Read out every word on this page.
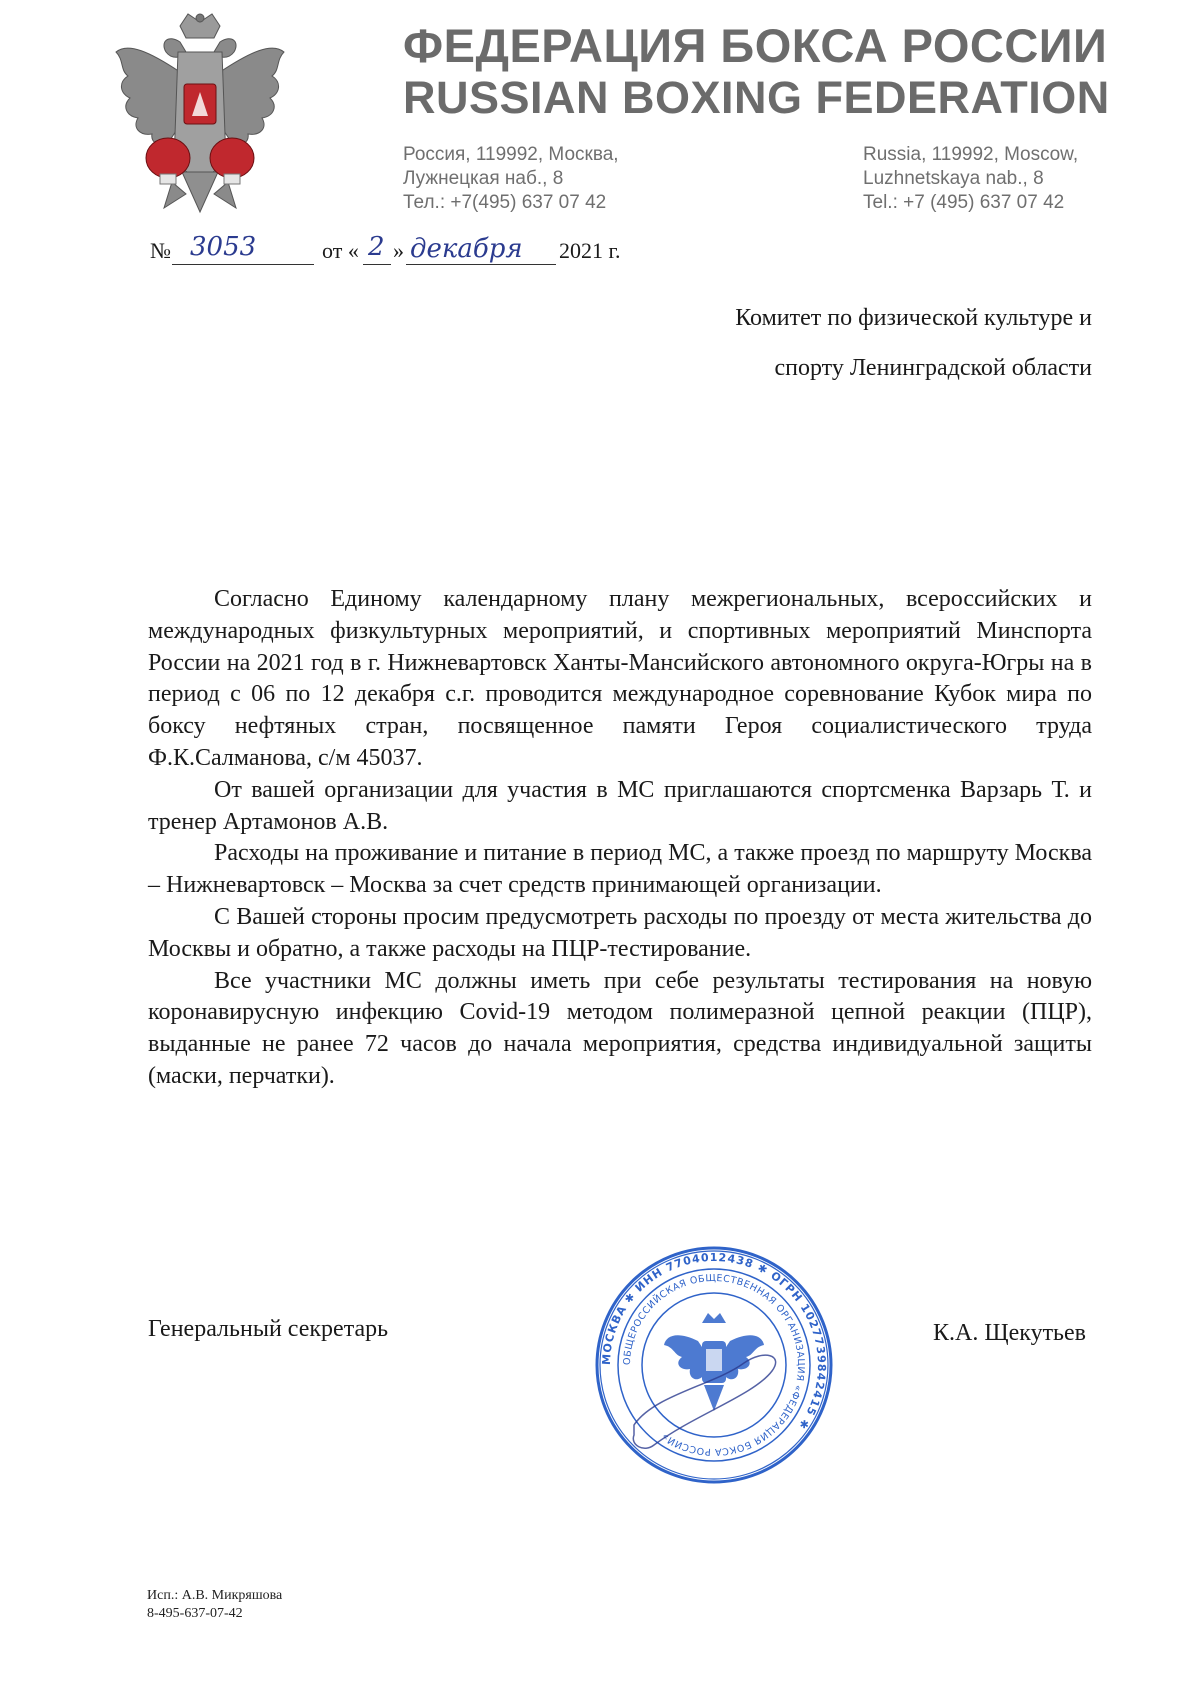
ФЕДЕРАЦИЯ БОКСА РОССИИ
RUSSIAN BOXING FEDERATION
Россия, 119992, Москва,
Лужнецкая наб., 8
Тел.: +7(495) 637 07 42
Russia, 119992, Moscow,
Luzhnetskaya nab., 8
Tel.: +7 (495) 637 07 42
№ 3053	от « 2 » декабря 2021 г.
Комитет по физической культуре и
спорту Ленинградской области

Согласно Единому календарному плану межрегиональных, всероссийских и международных физкультурных мероприятий, и спортивных мероприятий Минспорта России на 2021 год в г. Нижневартовск Ханты-Мансийского автономного округа-Югры на в период с 06 по 12 декабря с.г. проводится международное соревнование Кубок мира по боксу нефтяных стран, посвященное памяти Героя социалистического труда Ф.К.Салманова, с/м 45037.

От вашей организации для участия в МС приглашаются спортсменка Варзарь Т. и тренер Артамонов А.В.

Расходы на проживание и питание в период МС, а также проезд по маршруту Москва – Нижневартовск – Москва за счет средств принимающей организации.

С Вашей стороны просим предусмотреть расходы по проезду от места жительства до Москвы и обратно, а также расходы на ПЦР-тестирование.

Все участники МС должны иметь при себе результаты тестирования на новую коронавирусную инфекцию Covid-19 методом полимеразной цепной реакции (ПЦР), выданные не ранее 72 часов до начала мероприятия, средства индивидуальной защиты (маски, перчатки).

Генеральный секретарь
МОСКВА ✱ ИНН 7704012438 ✱ ОГРН 1027739842415 ✱
ОБЩЕРОССИЙСКАЯ ОБЩЕСТВЕННАЯ ОРГАНИЗАЦИЯ «ФЕДЕРАЦИЯ БОКСА РОССИИ»
К.А. Щекутьев
Исп.: А.В. Микряшова
8-495-637-07-42
